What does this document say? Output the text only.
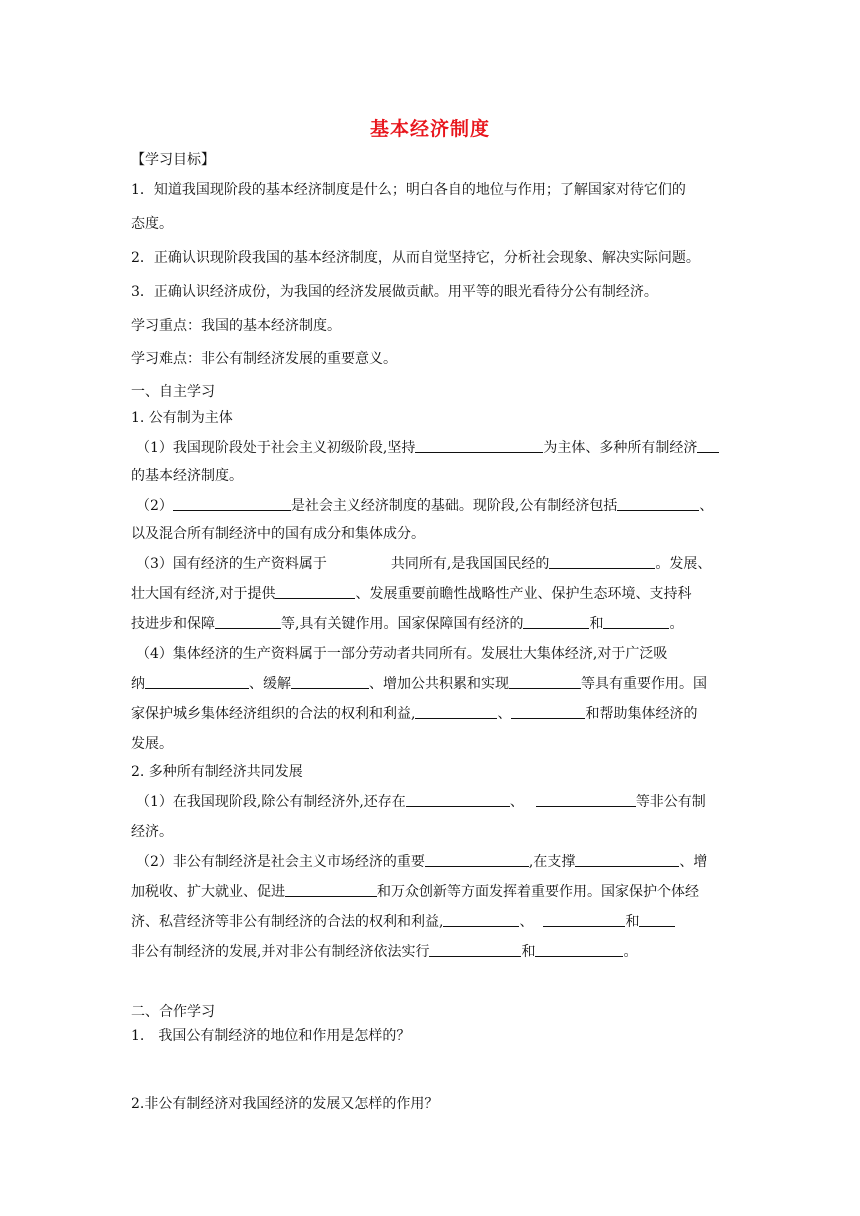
基本经济制度
【学习目标】
1．知道我国现阶段的基本经济制度是什么；明白各自的地位与作用；了解国家对待它们的
态度。
2．正确认识现阶段我国的基本经济制度，从而自觉坚持它，分析社会现象、解决实际问题。
3．正确认识经济成份，为我国的经济发展做贡献。用平等的眼光看待分公有制经济。
学习重点：我国的基本经济制度。
学习难点：非公有制经济发展的重要意义。
一、自主学习
1. 公有制为主体
（1）我国现阶段处于社会主义初级阶段,坚持	为主体、多种所有制经济
的基本经济制度。
（2）	是社会主义经济制度的基础。现阶段,公有制经济包括	、
以及混合所有制经济中的国有成分和集体成分。
（3）国有经济的生产资料属于	共同所有,是我国国民经的	。发展、
壮大国有经济,对于提供	、发展重要前瞻性战略性产业、保护生态环境、支持科
技进步和保障	等,具有关键作用。国家保障国有经济的	和	。
（4）集体经济的生产资料属于一部分劳动者共同所有。发展壮大集体经济,对于广泛吸
纳	、缓解	、增加公共积累和实现	等具有重要作用。国
家保护城乡集体经济组织的合法的权利和利益,	、	和帮助集体经济的
发展。
2. 多种所有制经济共同发展
（1）在我国现阶段,除公有制经济外,还存在	、	等非公有制
经济。
（2）非公有制经济是社会主义市场经济的重要	,在支撑	、增
加税收、扩大就业、促进	和万众创新等方面发挥着重要作用。国家保护个体经
济、私营经济等非公有制经济的合法的权利和利益,	、	和
非公有制经济的发展,并对非公有制经济依法实行	和	。
二、合作学习
1.　我国公有制经济的地位和作用是怎样的？
2.非公有制经济对我国经济的发展又怎样的作用？
